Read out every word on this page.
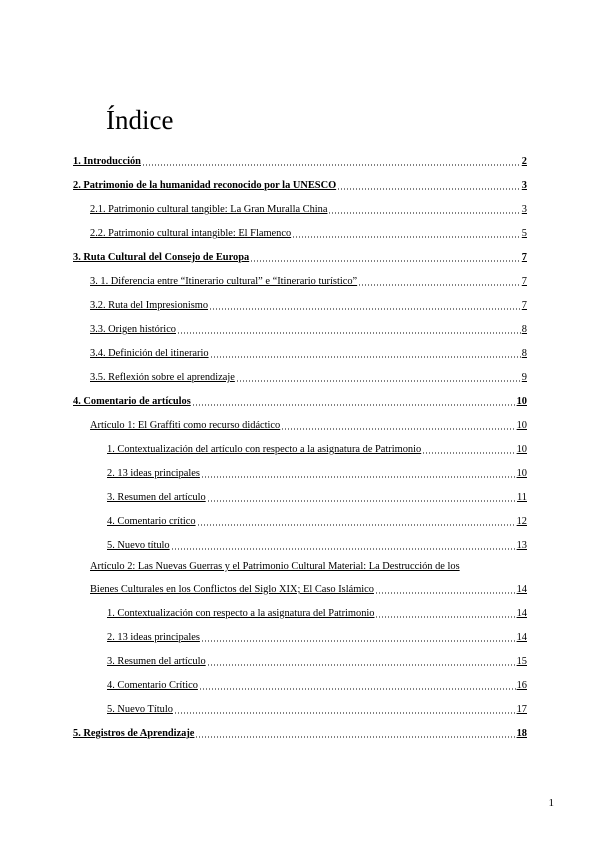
Índice
1. Introducción	2
2. Patrimonio de la humanidad reconocido por la UNESCO	3
2.1. Patrimonio cultural tangible: La Gran Muralla China	3
2.2. Patrimonio cultural intangible: El Flamenco	5
3. Ruta Cultural del Consejo de Europa	7
3. 1. Diferencia entre “Itinerario cultural” e “Itinerario turístico”	7
3.2. Ruta del Impresionismo	7
3.3. Origen histórico	8
3.4. Definición del itinerario	8
3.5. Reflexión sobre el aprendizaje	9
4. Comentario de artículos	10
Artículo 1: El Graffiti como recurso didáctico	10
1. Contextualización del artículo con respecto a la asignatura de Patrimonio	10
2. 13 ideas principales	10
3. Resumen del artículo	11
4. Comentario crítico	12
5. Nuevo título	13
Artículo 2: Las Nuevas Guerras y el Patrimonio Cultural Material: La Destrucción de los
Bienes Culturales en los Conflictos del Siglo XIX; El Caso Islámico	14
1. Contextualización con respecto a la asignatura del Patrimonio	14
2. 13 ideas principales	14
3. Resumen del artículo	15
4. Comentario Crítico	16
5. Nuevo Título	17
5. Registros de Aprendizaje	18
1
